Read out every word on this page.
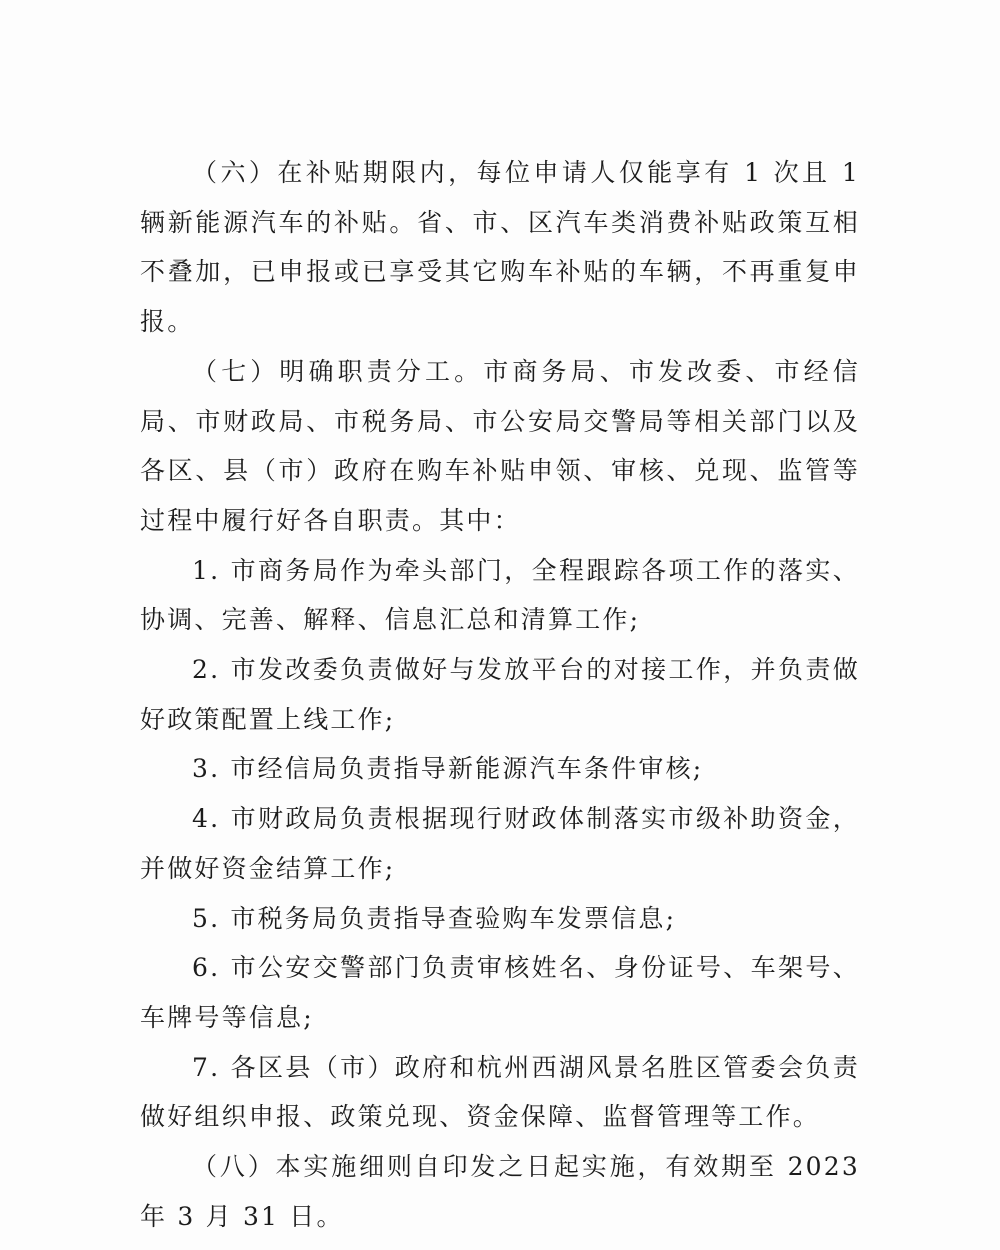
（六）在补贴期限内，每位申请人仅能享有 1 次且 1 辆新能源汽车的补贴。省、市、区汽车类消费补贴政策互相不叠加，已申报或已享受其它购车补贴的车辆，不再重复申报。

（七）明确职责分工。市商务局、市发改委、市经信局、市财政局、市税务局、市公安局交警局等相关部门以及各区、县（市）政府在购车补贴申领、审核、兑现、监管等过程中履行好各自职责。其中：

1. 市商务局作为牵头部门，全程跟踪各项工作的落实、协调、完善、解释、信息汇总和清算工作;

2. 市发改委负责做好与发放平台的对接工作，并负责做好政策配置上线工作;

3. 市经信局负责指导新能源汽车条件审核;

4. 市财政局负责根据现行财政体制落实市级补助资金，并做好资金结算工作;

5. 市税务局负责指导查验购车发票信息;

6. 市公安交警部门负责审核姓名、身份证号、车架号、车牌号等信息;

7. 各区县（市）政府和杭州西湖风景名胜区管委会负责做好组织申报、政策兑现、资金保障、监督管理等工作。

（八）本实施细则自印发之日起实施，有效期至 2023 年 3 月 31 日。
